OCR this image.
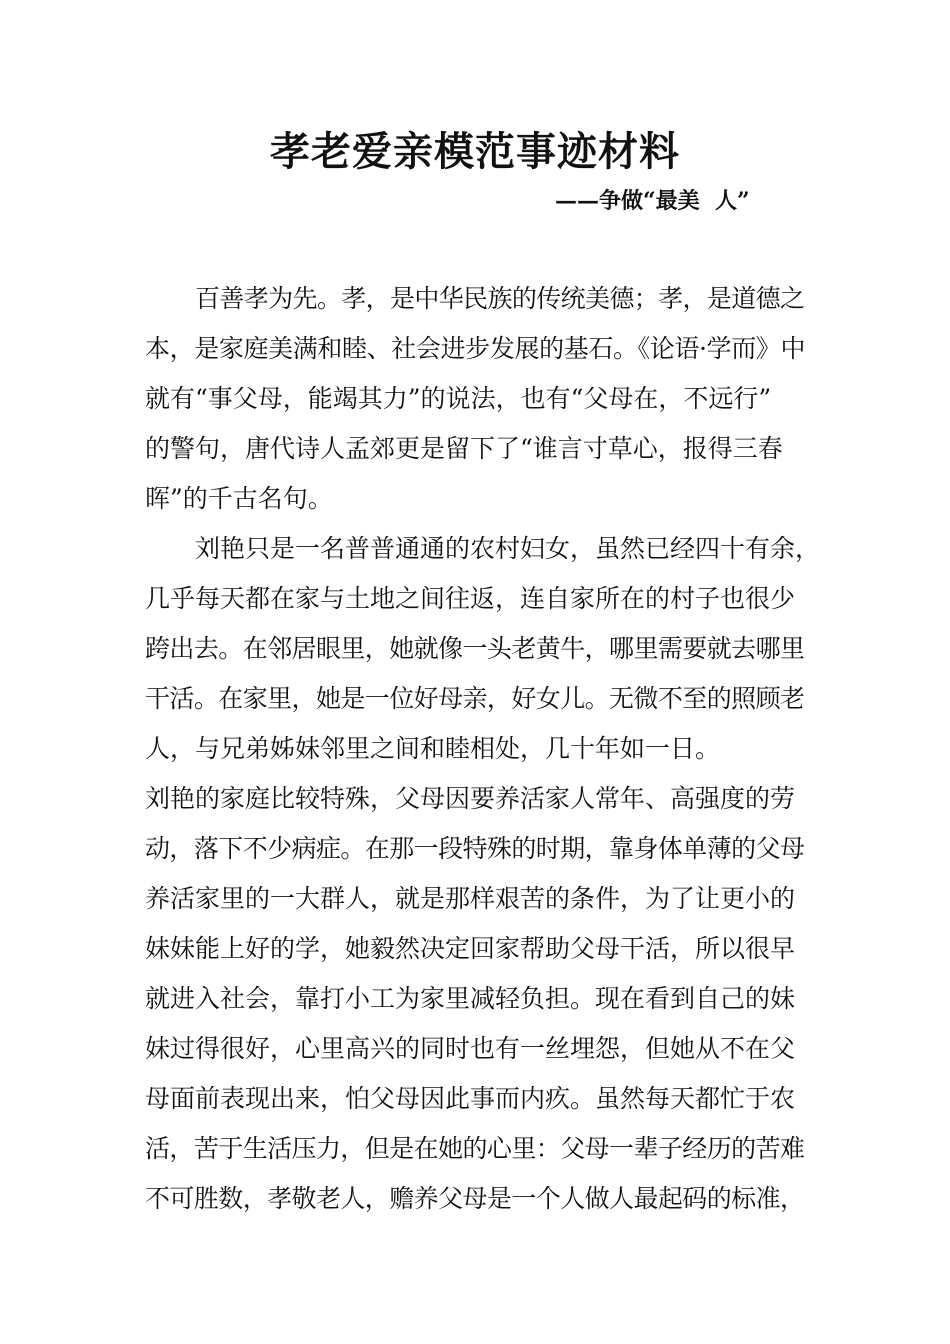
孝老爱亲模范事迹材料
——争做“最美  人”
百善孝为先。孝，是中华民族的传统美德；孝，是道德之
本，是家庭美满和睦、社会进步发展的基石。《论语·学而》中
就有“事父母，能竭其力”的说法，也有“父母在，不远行”
的警句，唐代诗人孟郊更是留下了“谁言寸草心，报得三春
晖”的千古名句。
刘艳只是一名普普通通的农村妇女，虽然已经四十有余，
几乎每天都在家与土地之间往返，连自家所在的村子也很少
跨出去。在邻居眼里，她就像一头老黄牛，哪里需要就去哪里
干活。在家里，她是一位好母亲，好女儿。无微不至的照顾老
人，与兄弟姊妹邻里之间和睦相处，几十年如一日。
刘艳的家庭比较特殊，父母因要养活家人常年、高强度的劳
动，落下不少病症。在那一段特殊的时期，靠身体单薄的父母
养活家里的一大群人，就是那样艰苦的条件，为了让更小的
妹妹能上好的学，她毅然决定回家帮助父母干活，所以很早
就进入社会，靠打小工为家里减轻负担。现在看到自己的妹
妹过得很好，心里高兴的同时也有一丝埋怨，但她从不在父
母面前表现出来，怕父母因此事而内疚。虽然每天都忙于农
活，苦于生活压力，但是在她的心里：父母一辈子经历的苦难
不可胜数，孝敬老人，赡养父母是一个人做人最起码的标准，
